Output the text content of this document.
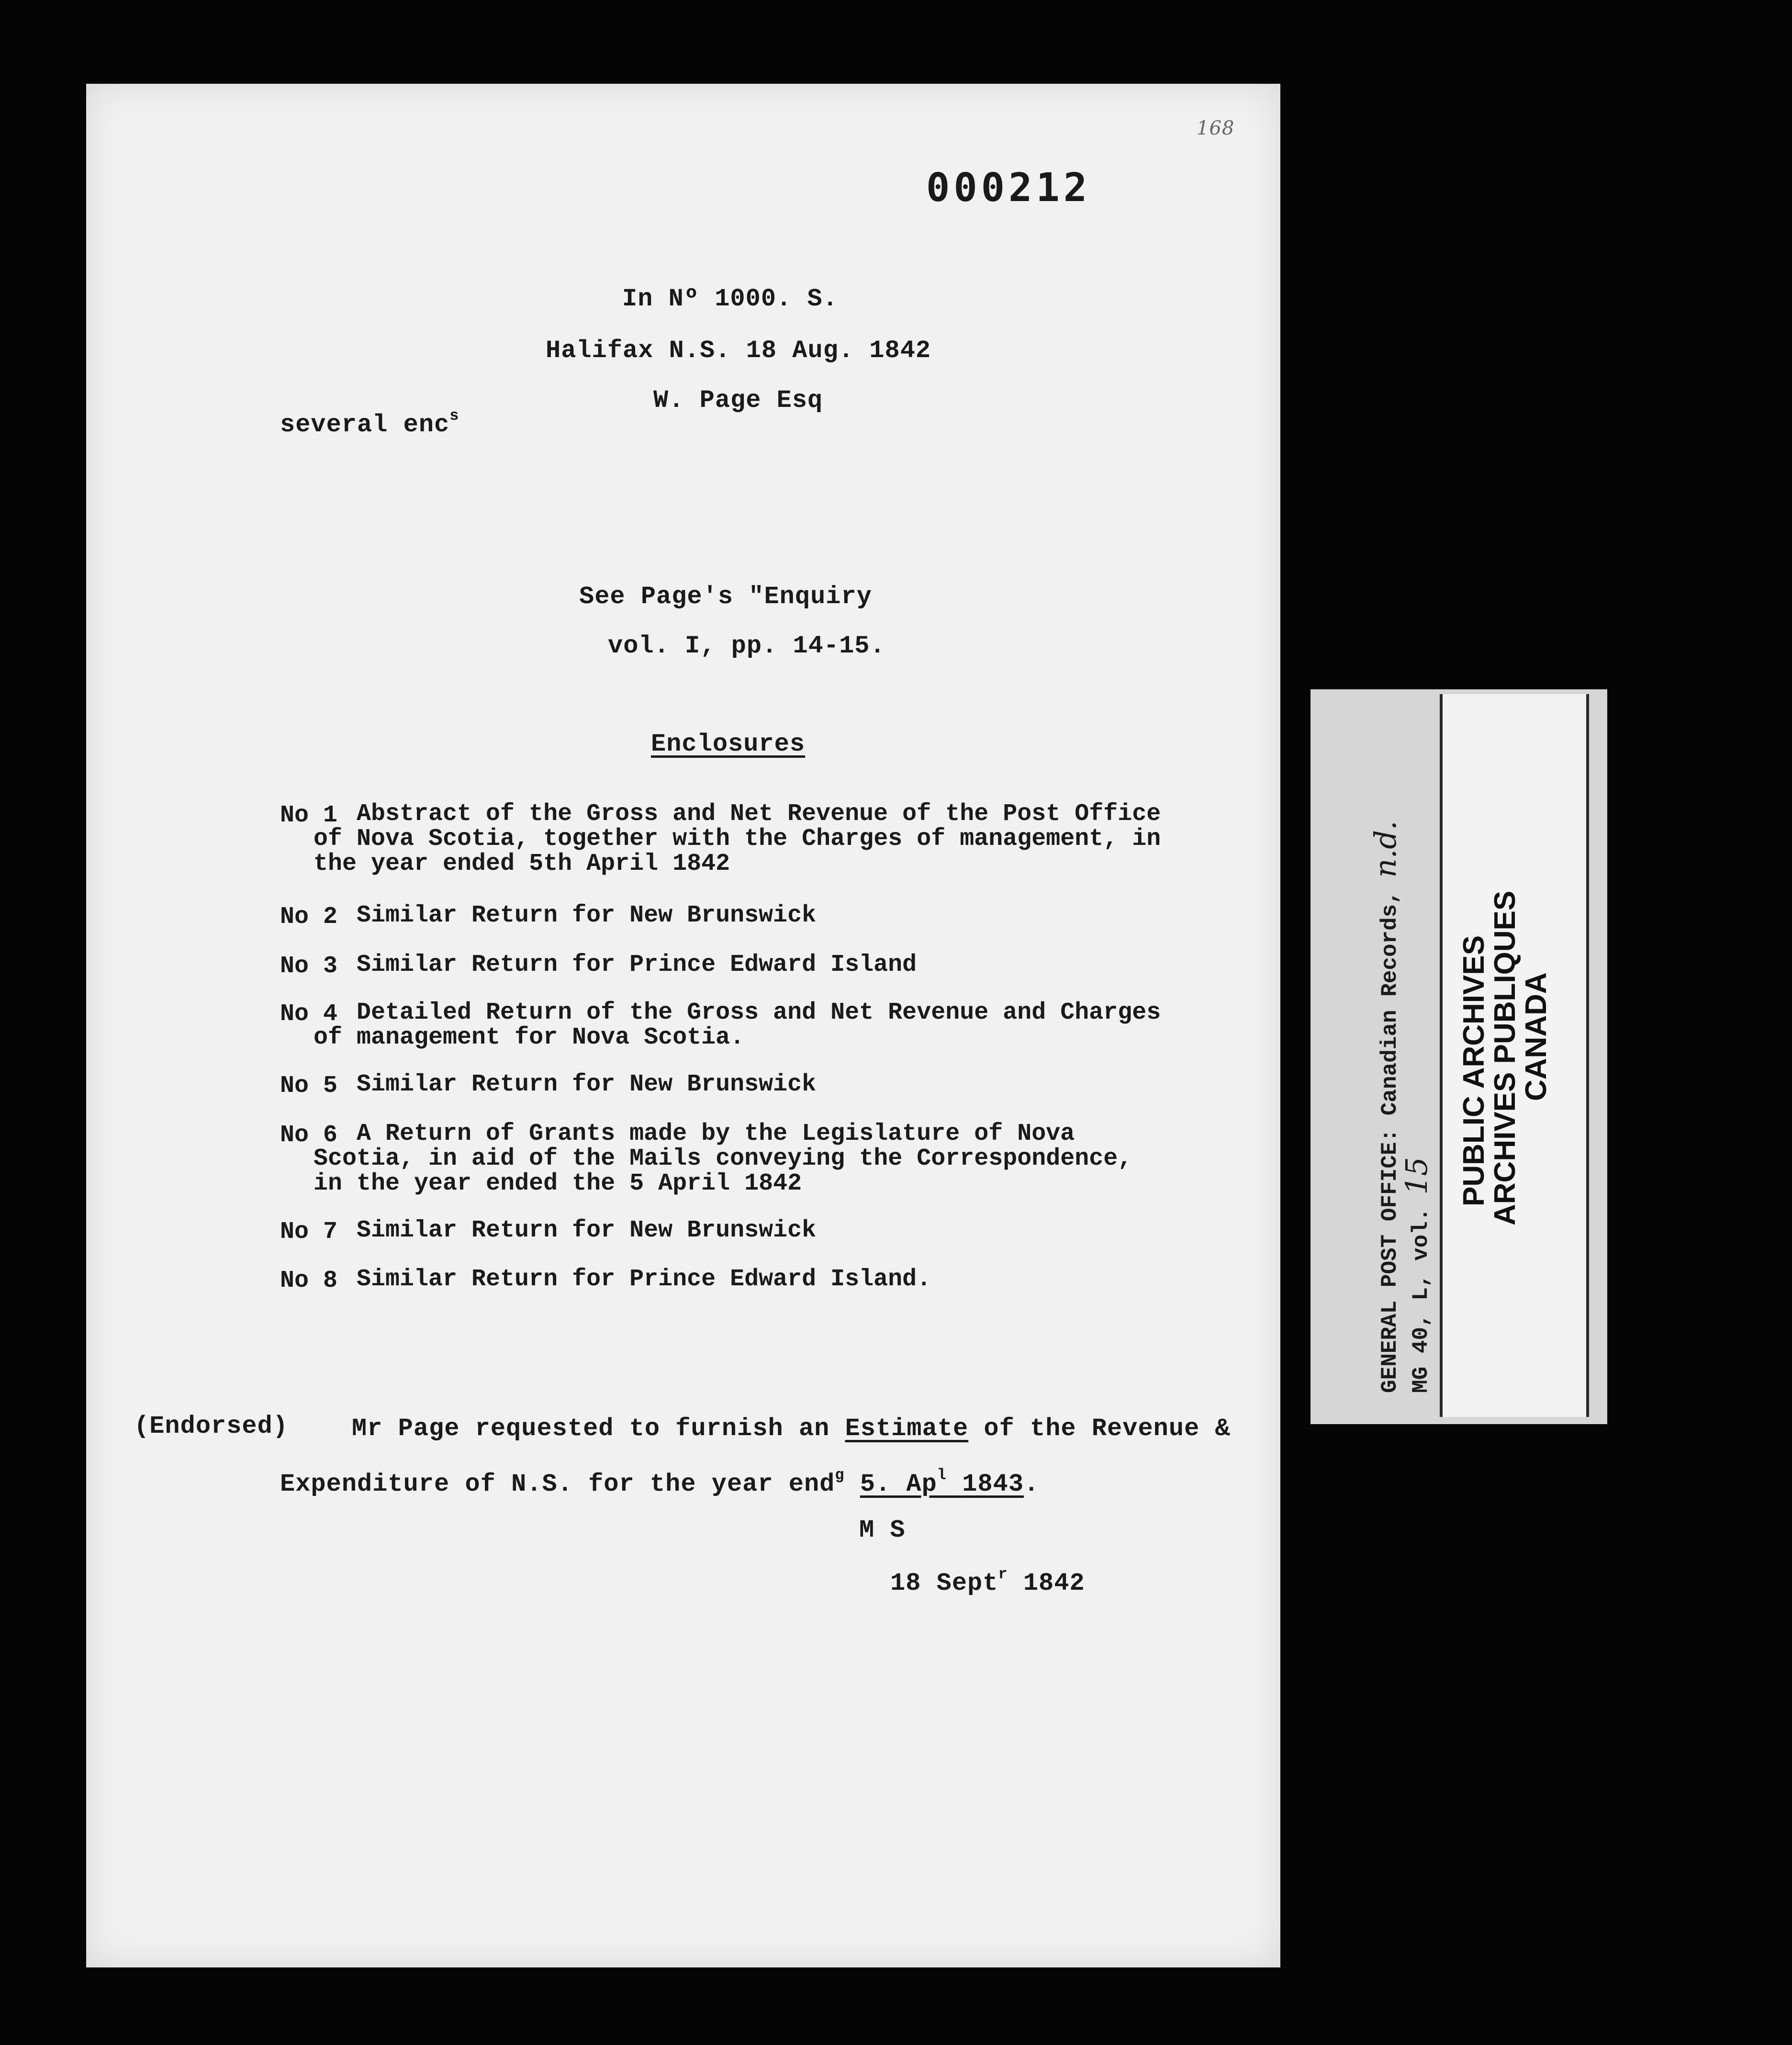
168
000212
In Nº 1000. S.
Halifax N.S. 18 Aug. 1842
W. Page Esq
several enc$^s$
See Page's "Enquiry
vol. I, pp. 14-15.
Enclosures
No 1 Abstract of the Gross and Net Revenue of the Post Office of Nova Scotia, together with the Charges of management, in the year ended 5th April 1842
No 2 Similar Return for New Brunswick
No 3 Similar Return for Prince Edward Island
No 4 Detailed Return of the Gross and Net Revenue and Charges of management for Nova Scotia.
No 5 Similar Return for New Brunswick
No 6 A Return of Grants made by the Legislature of Nova Scotia, in aid of the Mails conveying the Correspondence, in the year ended the 5 April 1842
No 7 Similar Return for New Brunswick
No 8 Similar Return for Prince Edward Island.
(Endorsed)	Mr Page requested to furnish an Estimate of the Revenue &
Expenditure of N.S. for the year end$^g$ 5. Ap$^l$ 1843.
M S
18 Sept$^r$ 1842
GENERAL POST OFFICE: Canadian Records, n.d.
MG 40, L, vol. 15 PUBLIC ARCHIVES
ARCHIVES PUBLIQUES
CANADA
